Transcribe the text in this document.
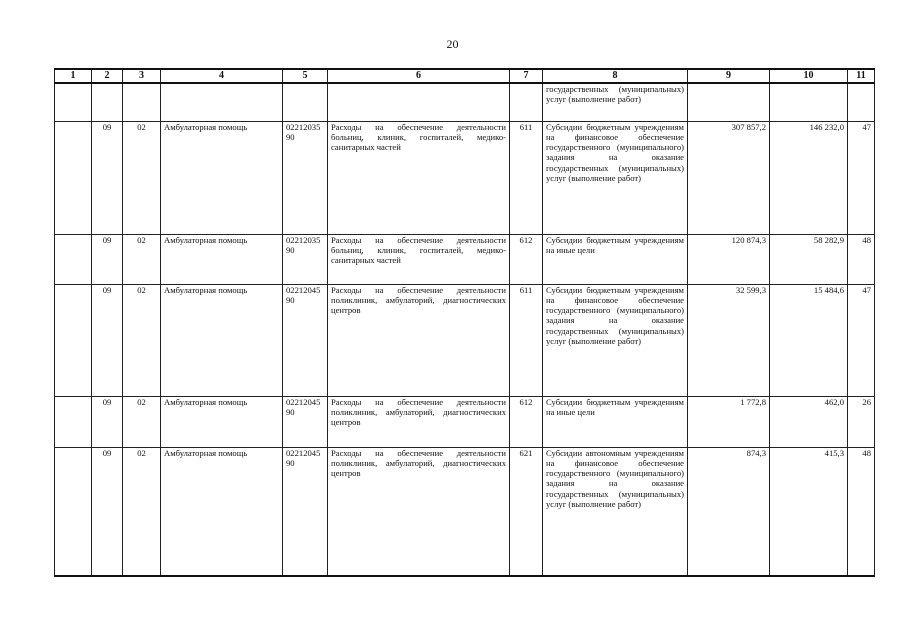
20
1	2	3	4	5	6	7	8	9	10	11
							государственных (муниципальных) услуг (выполнение работ)			
	09	02	Амбулаторная помощь	0221203590	Расходы на обеспечение деятельности больниц, клиник, госпиталей, медико-санитарных частей	611	Субсидии бюджетным учреждениям на финансовое обеспечение государственного (муниципального) задания на оказание государственных (муниципальных) услуг (выполнение работ)	307 857,2	146 232,0	47
	09	02	Амбулаторная помощь	0221203590	Расходы на обеспечение деятельности больниц, клиник, госпиталей, медико-санитарных частей	612	Субсидии бюджетным учреждениям на иные цели	120 874,3	58 282,9	48
	09	02	Амбулаторная помощь	0221204590	Расходы на обеспечение деятельности поликлиник, амбулаторий, диагностических центров	611	Субсидии бюджетным учреждениям на финансовое обеспечение государственного (муниципального) задания на оказание государственных (муниципальных) услуг (выполнение работ)	32 599,3	15 484,6	47
	09	02	Амбулаторная помощь	0221204590	Расходы на обеспечение деятельности поликлиник, амбулаторий, диагностических центров	612	Субсидии бюджетным учреждениям на иные цели	1 772,8	462,0	26
	09	02	Амбулаторная помощь	0221204590	Расходы на обеспечение деятельности поликлиник, амбулаторий, диагностических центров	621	Субсидии автономным учреждениям на финансовое обеспечение государственного (муниципального) задания на оказание государственных (муниципальных) услуг (выполнение работ)	874,3	415,3	48
